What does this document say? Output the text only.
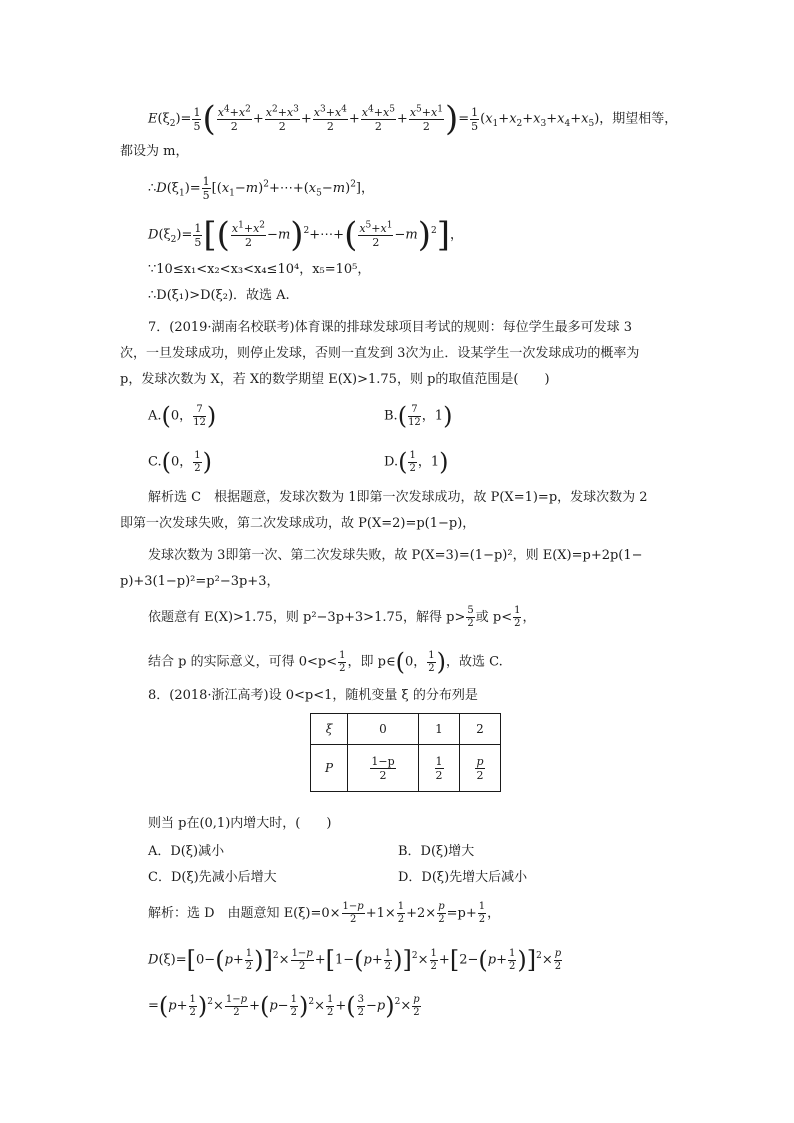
$E(\xi_2)= \frac{1}{5}$ ( $\frac{x^4+x^2}{2} + \frac{x^2+x^3}{2} + \frac{x^3+x^4}{2} + \frac{x^4+x^5}{2} + \frac{x^5+x^1}{2}$ )= $\frac{1}{5} (x_1+x_2+x_3+x_4+x_5)$，期望相等，
都设为 m，
$\therefore D(\xi_1)= \frac{1}{5}$ $[(x_1-m)^2+\cdots+(x_5-m)^2]$，
$D(\xi_2)= \frac{1}{5}$ [( $\frac{x^1+x^2}{2}$ −m)$^2$+⋯+( $\frac{x^5+x^1}{2} -m)^2$]，
∵10≤x₁<x₂<x₃<x₄≤10⁴，x₅=10⁵，
∴D(ξ₁)>D(ξ₂)．故选 A.
7．(2019·湖南名校联考)体育课的排球发球项目考试的规则：每位学生最多可发球 3
次，一旦发球成功，则停止发球，否则一直发到 3次为止．设某学生一次发球成功的概率为
p，发球次数为 X，若 X的数学期望 E(X)>1.75，则 p的取值范围是(　　)
A.(0， $\frac{7}{12}$ )	$B.( \frac{7}{12}$ ，1)
C.(0， $\frac{1}{2}$ )	$D.( \frac{1}{2}$ ，1)
解析选 C　根据题意，发球次数为 1即第一次发球成功，故 P(X=1)=p，发球次数为 2
即第一次发球失败，第二次发球成功，故 P(X=2)=p(1−p)，
发球次数为 3即第一次、第二次发球失败，故 P(X=3)=(1−p)²，则 E(X)=p+2p(1−
p)+3(1−p)²=p²−3p+3，
依题意有 E(X)>1.75，则 p²−3p+3>1.75，解得 $p> \frac{5}{2}$ 或 $p< \frac{1}{2}$ ，
结合 p 的实际意义，可得 $0<p< \frac{1}{2}$ ，即 p∈(0， $\frac{1}{2}$ )，故选 C.
8．(2018·浙江高考)设 0<p<1，随机变量 ξ 的分布列是
ξ	0	1	2
P	$\frac{1-p}{2}$	$\frac{1}{2}$	$\frac{p}{2}$
则当 p在(0,1)内增大时，(　　)
A．D(ξ)减小	B．D(ξ)增大
C．D(ξ)先减小后增大	D．D(ξ)先增大后减小
解析：选 D　由题意知 $E(\xi)=0\times \frac{1-p}{2} +1\times \frac{1}{2} +2\times \frac{p}{2} =p+ \frac{1}{2}$ ，
$D(\xi)=[0-(p+ \frac{1}{2} )]^2\times \frac{1-p}{2} +[1-(p+ \frac{1}{2} )]^2\times \frac{1}{2} +[2-(p+ \frac{1}{2} )]^2\times \frac{p}{2}$
$=(p+ \frac{1}{2} )^2\times \frac{1-p}{2} +(p- \frac{1}{2} )^2\times \frac{1}{2}$ +( $\frac{3}{2} -p)^2\times \frac{p}{2}$
